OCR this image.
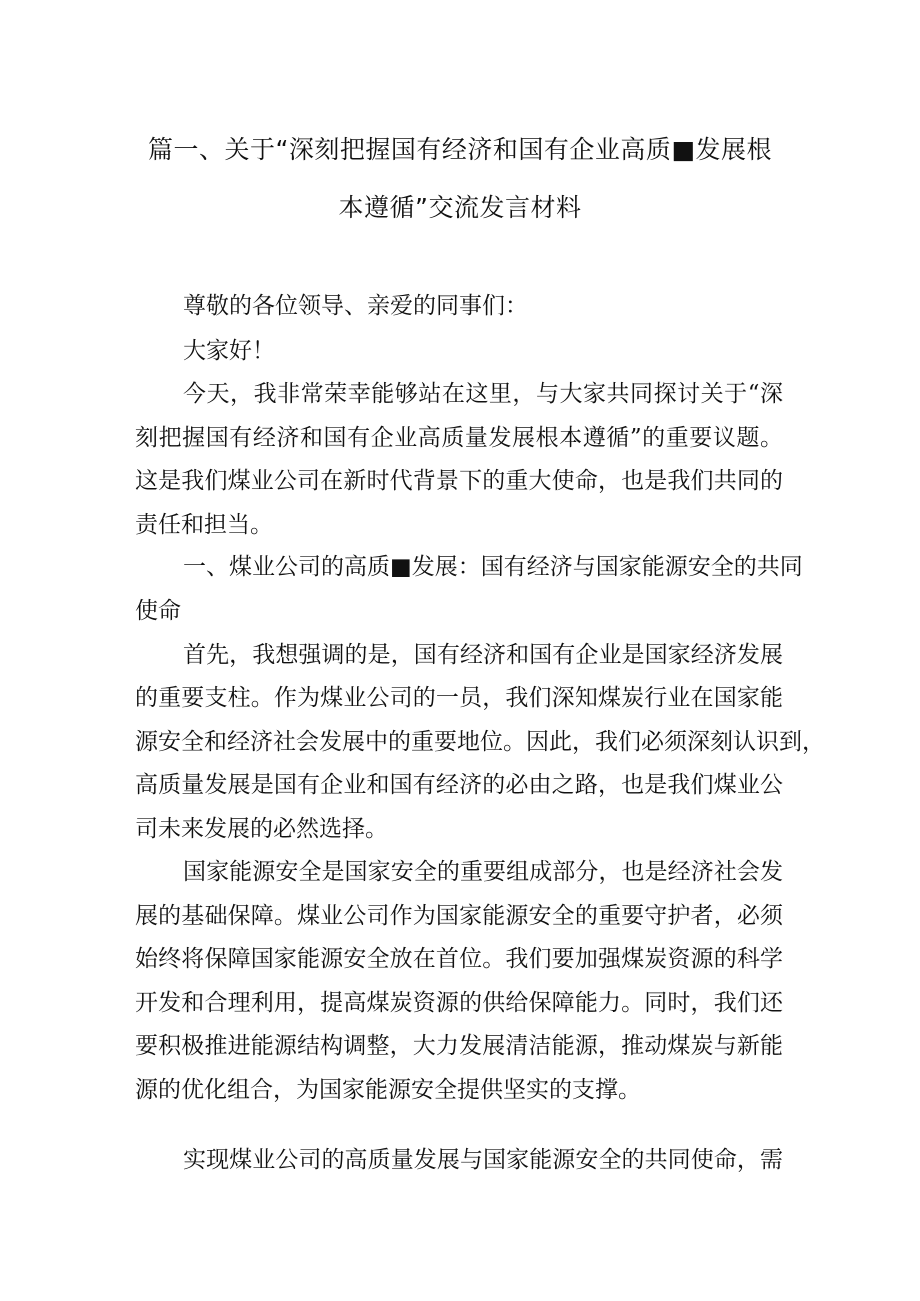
篇一、关于“深刻把握国有经济和国有企业高质■发展根
本遵循”交流发言材料
尊敬的各位领导、亲爱的同事们：
大家好！
今天，我非常荣幸能够站在这里，与大家共同探讨关于“深
刻把握国有经济和国有企业高质量发展根本遵循”的重要议题。
这是我们煤业公司在新时代背景下的重大使命，也是我们共同的
责任和担当。
一、煤业公司的高质■发展：国有经济与国家能源安全的共同
使命
首先，我想强调的是，国有经济和国有企业是国家经济发展
的重要支柱。作为煤业公司的一员，我们深知煤炭行业在国家能
源安全和经济社会发展中的重要地位。因此，我们必须深刻认识到，
高质量发展是国有企业和国有经济的必由之路，也是我们煤业公
司未来发展的必然选择。
国家能源安全是国家安全的重要组成部分，也是经济社会发
展的基础保障。煤业公司作为国家能源安全的重要守护者，必须
始终将保障国家能源安全放在首位。我们要加强煤炭资源的科学
开发和合理利用，提高煤炭资源的供给保障能力。同时，我们还
要积极推进能源结构调整，大力发展清洁能源，推动煤炭与新能
源的优化组合，为国家能源安全提供坚实的支撑。
实现煤业公司的高质量发展与国家能源安全的共同使命，需
